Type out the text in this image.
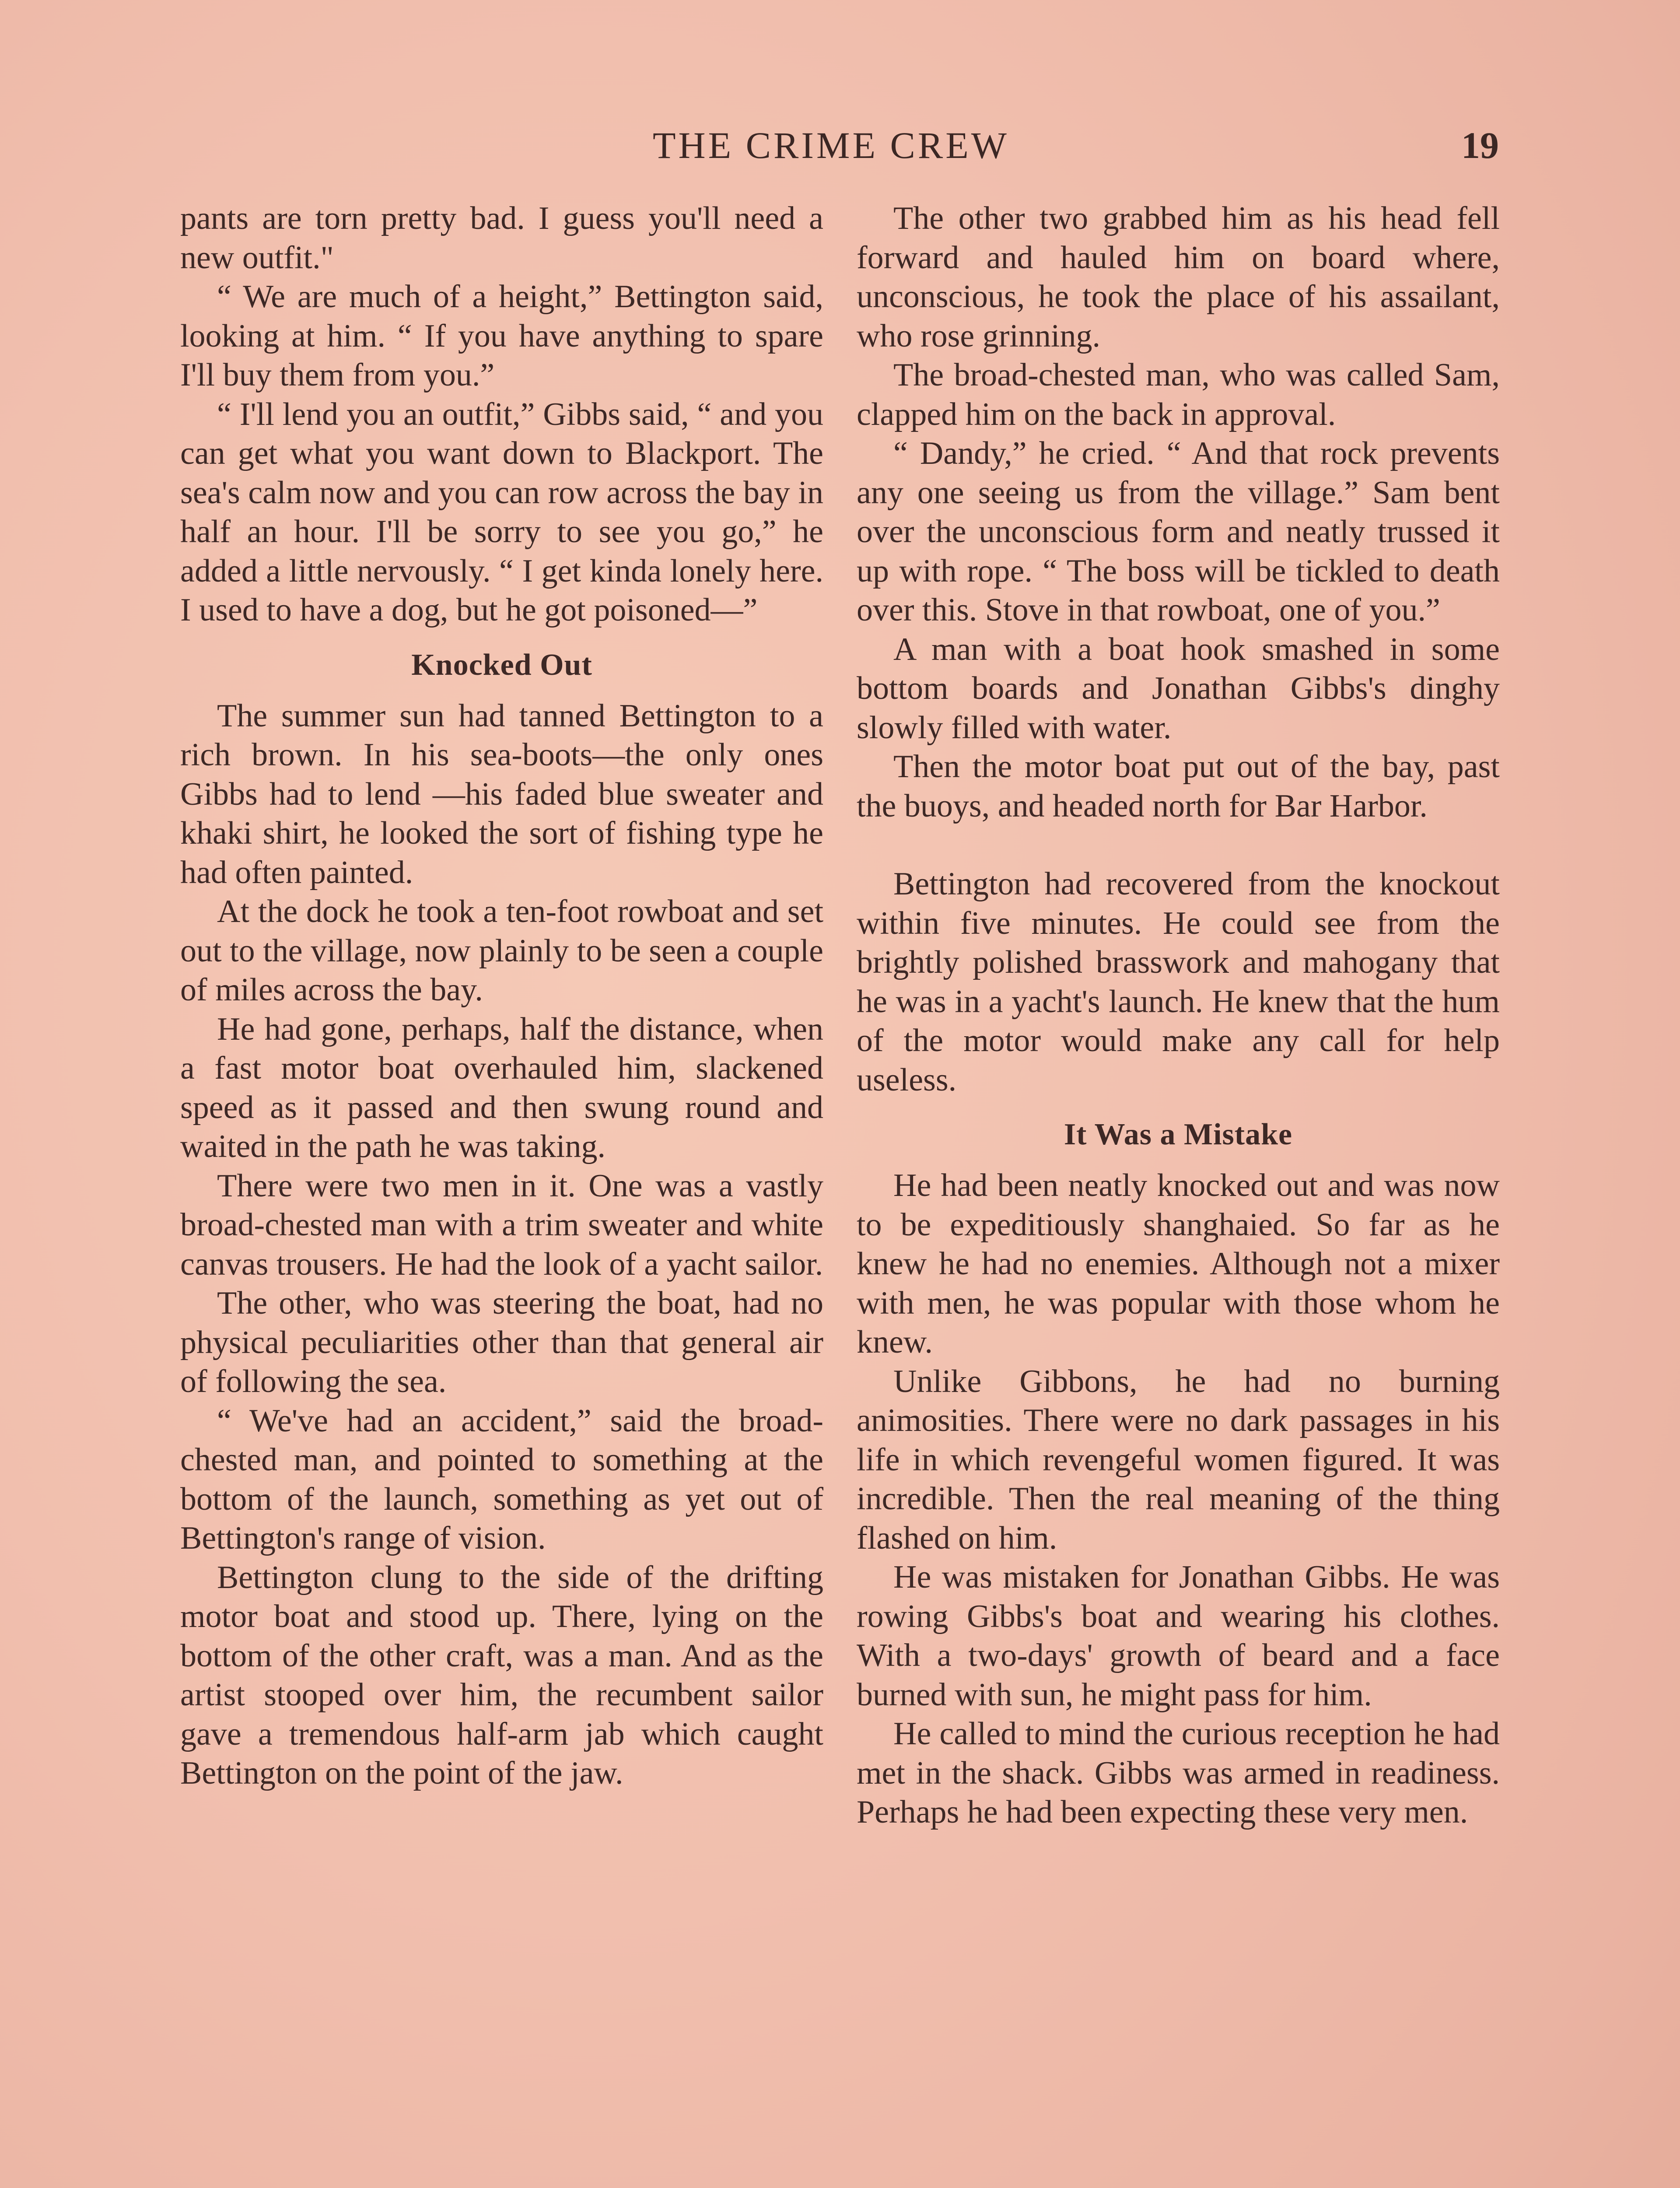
THE CRIME CREW	19

pants are torn pretty bad. I guess you'll need a new outfit."

“ We are much of a height,” Bettington said, looking at him. “ If you have anything to spare I'll buy them from you.”

“ I'll lend you an outfit,” Gibbs said, “ and you can get what you want down to Blackport. The sea's calm now and you can row across the bay in half an hour. I'll be sorry to see you go,” he added a little nervously. “ I get kinda lonely here. I used to have a dog, but he got poisoned—”

Knocked Out

The summer sun had tanned Bettington to a rich brown. In his sea-boots—the only ones Gibbs had to lend —his faded blue sweater and khaki shirt, he looked the sort of fishing type he had often painted.

At the dock he took a ten-foot rowboat and set out to the village, now plainly to be seen a couple of miles across the bay.

He had gone, perhaps, half the distance, when a fast motor boat overhauled him, slackened speed as it passed and then swung round and waited in the path he was taking.

There were two men in it. One was a vastly broad-chested man with a trim sweater and white canvas trousers. He had the look of a yacht sailor.

The other, who was steering the boat, had no physical peculiarities other than that general air of following the sea.

“ We've had an accident,” said the broad-chested man, and pointed to something at the bottom of the launch, something as yet out of Bettington's range of vision.

Bettington clung to the side of the drifting motor boat and stood up. There, lying on the bottom of the other craft, was a man. And as the artist stooped over him, the recumbent sailor gave a tremendous half-arm jab which caught Bettington on the point of the jaw.

The other two grabbed him as his head fell forward and hauled him on board where, unconscious, he took the place of his assailant, who rose grinning.

The broad-chested man, who was called Sam, clapped him on the back in approval.

“ Dandy,” he cried. “ And that rock prevents any one seeing us from the village.” Sam bent over the unconscious form and neatly trussed it up with rope. “ The boss will be tickled to death over this. Stove in that rowboat, one of you.”

A man with a boat hook smashed in some bottom boards and Jonathan Gibbs's dinghy slowly filled with water.

Then the motor boat put out of the bay, past the buoys, and headed north for Bar Harbor.

Bettington had recovered from the knockout within five minutes. He could see from the brightly polished brasswork and mahogany that he was in a yacht's launch. He knew that the hum of the motor would make any call for help useless.

It Was a Mistake

He had been neatly knocked out and was now to be expeditiously shanghaied. So far as he knew he had no enemies. Although not a mixer with men, he was popular with those whom he knew.

Unlike Gibbons, he had no burning animosities. There were no dark passages in his life in which revengeful women figured. It was incredible. Then the real meaning of the thing flashed on him.

He was mistaken for Jonathan Gibbs. He was rowing Gibbs's boat and wearing his clothes. With a two-days' growth of beard and a face burned with sun, he might pass for him.

He called to mind the curious reception he had met in the shack. Gibbs was armed in readiness. Perhaps he had been expecting these very men.
